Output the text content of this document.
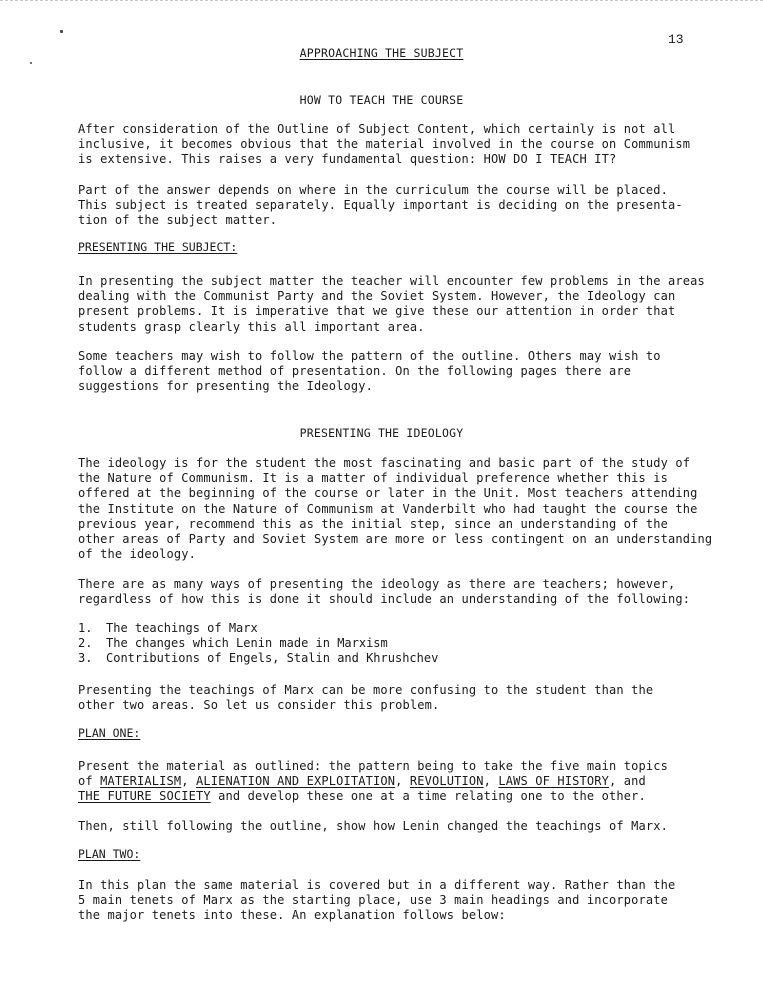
13
APPROACHING THE SUBJECT
HOW TO TEACH THE COURSE
After consideration of the Outline of Subject Content, which certainly is not all
inclusive, it becomes obvious that the material involved in the course on Communism
is extensive. This raises a very fundamental question: HOW DO I TEACH IT?
Part of the answer depends on where in the curriculum the course will be placed.
This subject is treated separately. Equally important is deciding on the presenta-
tion of the subject matter.
PRESENTING THE SUBJECT:
In presenting the subject matter the teacher will encounter few problems in the areas
dealing with the Communist Party and the Soviet System. However, the Ideology can
present problems. It is imperative that we give these our attention in order that
students grasp clearly this all important area.
Some teachers may wish to follow the pattern of the outline. Others may wish to
follow a different method of presentation. On the following pages there are
suggestions for presenting the Ideology.
PRESENTING THE IDEOLOGY
The ideology is for the student the most fascinating and basic part of the study of
the Nature of Communism. It is a matter of individual preference whether this is
offered at the beginning of the course or later in the Unit. Most teachers attending
the Institute on the Nature of Communism at Vanderbilt who had taught the course the
previous year, recommend this as the initial step, since an understanding of the
other areas of Party and Soviet System are more or less contingent on an understanding
of the ideology.
There are as many ways of presenting the ideology as there are teachers; however,
regardless of how this is done it should include an understanding of the following:
1. The teachings of Marx
2. The changes which Lenin made in Marxism
3. Contributions of Engels, Stalin and Khrushchev
Presenting the teachings of Marx can be more confusing to the student than the
other two areas. So let us consider this problem.
PLAN ONE:
Present the material as outlined: the pattern being to take the five main topics
of MATERIALISM, ALIENATION AND EXPLOITATION, REVOLUTION, LAWS OF HISTORY, and
THE FUTURE SOCIETY and develop these one at a time relating one to the other.
Then, still following the outline, show how Lenin changed the teachings of Marx.
PLAN TWO:
In this plan the same material is covered but in a different way. Rather than the
5 main tenets of Marx as the starting place, use 3 main headings and incorporate
the major tenets into these. An explanation follows below:
